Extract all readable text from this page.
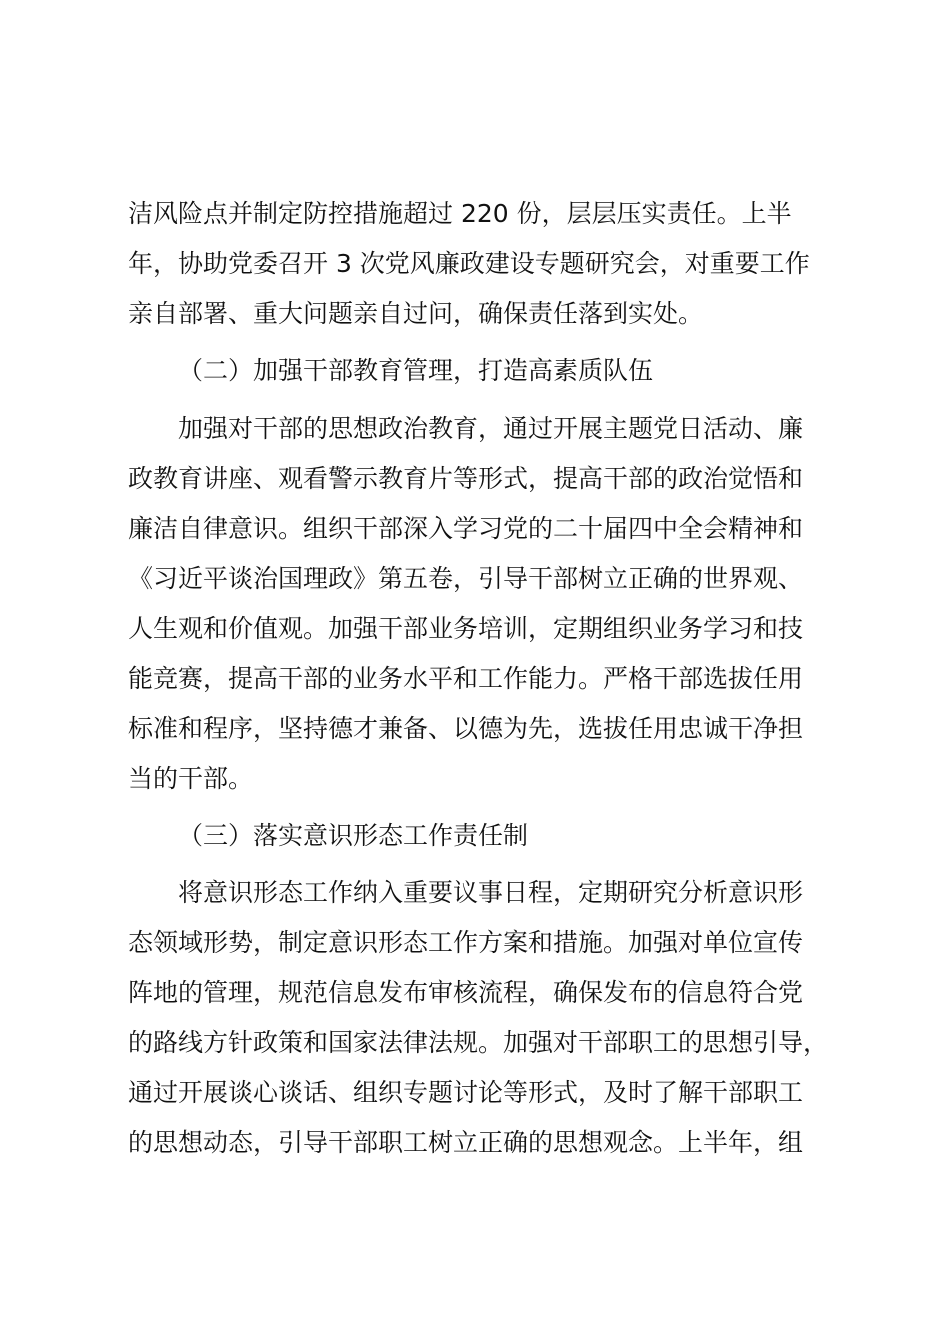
洁风险点并制定防控措施超过 220 份，层层压实责任。上半
年，协助党委召开 3 次党风廉政建设专题研究会，对重要工作
亲自部署、重大问题亲自过问，确保责任落到实处。
（二）加强干部教育管理，打造高素质队伍
加强对干部的思想政治教育，通过开展主题党日活动、廉
政教育讲座、观看警示教育片等形式，提高干部的政治觉悟和
廉洁自律意识。组织干部深入学习党的二十届四中全会精神和
《习近平谈治国理政》第五卷，引导干部树立正确的世界观、
人生观和价值观。加强干部业务培训，定期组织业务学习和技
能竞赛，提高干部的业务水平和工作能力。严格干部选拔任用
标准和程序，坚持德才兼备、以德为先，选拔任用忠诚干净担
当的干部。
（三）落实意识形态工作责任制
将意识形态工作纳入重要议事日程，定期研究分析意识形
态领域形势，制定意识形态工作方案和措施。加强对单位宣传
阵地的管理，规范信息发布审核流程，确保发布的信息符合党
的路线方针政策和国家法律法规。加强对干部职工的思想引导，
通过开展谈心谈话、组织专题讨论等形式，及时了解干部职工
的思想动态，引导干部职工树立正确的思想观念。上半年，组
